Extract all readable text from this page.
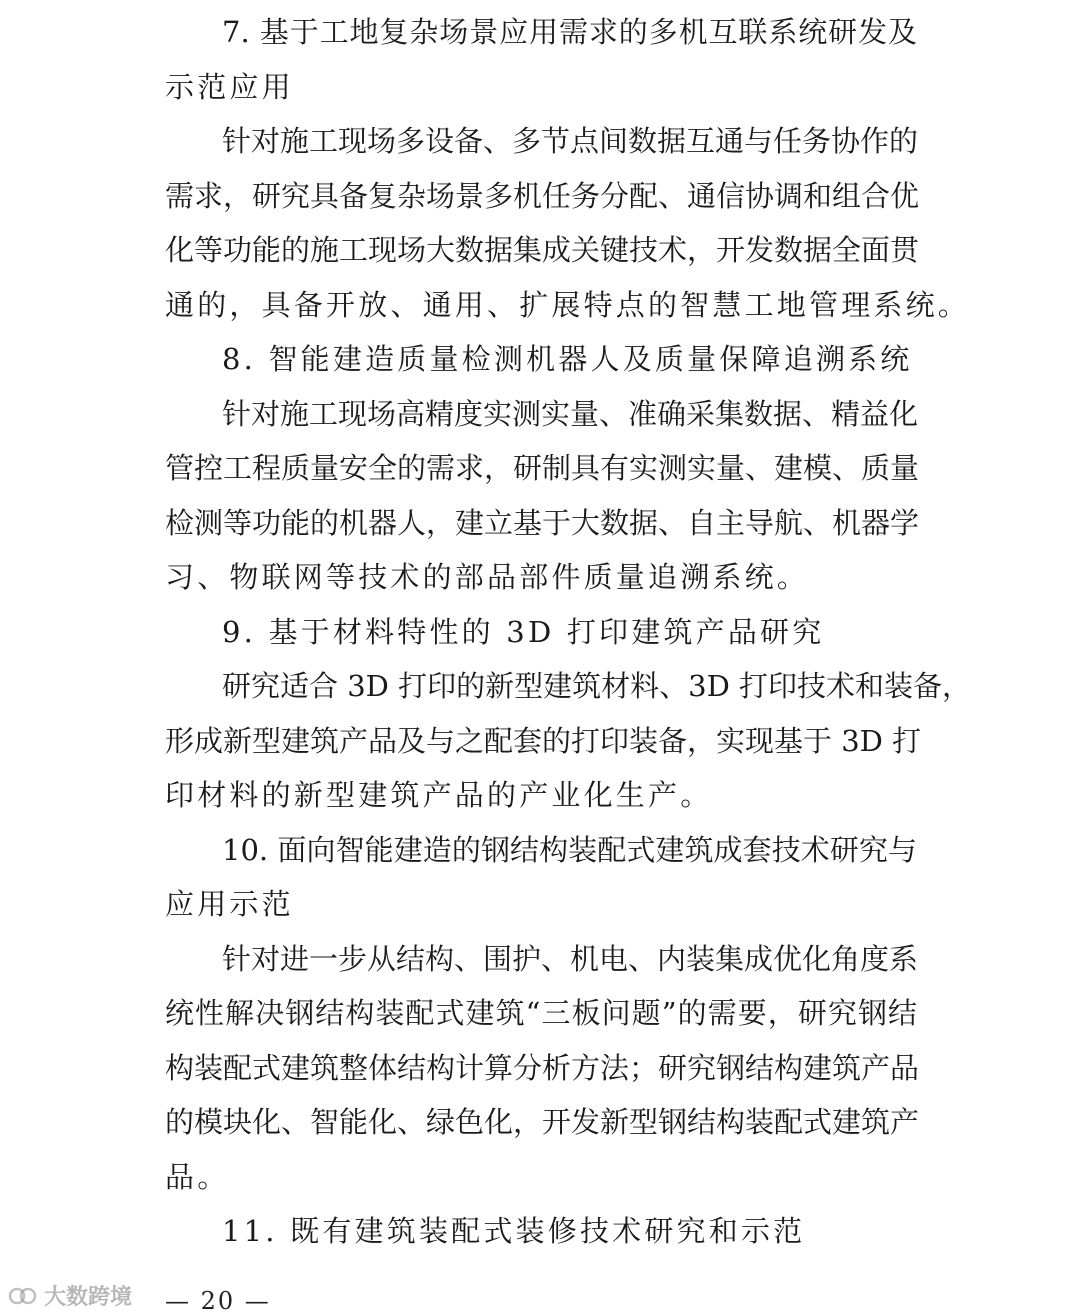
7. 基于工地复杂场景应用需求的多机互联系统研发及
示范应用
针对施工现场多设备、多节点间数据互通与任务协作的
需求，研究具备复杂场景多机任务分配、通信协调和组合优
化等功能的施工现场大数据集成关键技术，开发数据全面贯
通的，具备开放、通用、扩展特点的智慧工地管理系统。
8. 智能建造质量检测机器人及质量保障追溯系统
针对施工现场高精度实测实量、准确采集数据、精益化
管控工程质量安全的需求，研制具有实测实量、建模、质量
检测等功能的机器人，建立基于大数据、自主导航、机器学
习、物联网等技术的部品部件质量追溯系统。
9. 基于材料特性的 3D 打印建筑产品研究
研究适合 3D 打印的新型建筑材料、3D 打印技术和装备，
形成新型建筑产品及与之配套的打印装备，实现基于 3D 打
印材料的新型建筑产品的产业化生产。
10. 面向智能建造的钢结构装配式建筑成套技术研究与
应用示范
针对进一步从结构、围护、机电、内装集成优化角度系
统性解决钢结构装配式建筑“三板问题”的需要，研究钢结
构装配式建筑整体结构计算分析方法；研究钢结构建筑产品
的模块化、智能化、绿色化，开发新型钢结构装配式建筑产
品。
11. 既有建筑装配式装修技术研究和示范
— 20 —
大数跨境
